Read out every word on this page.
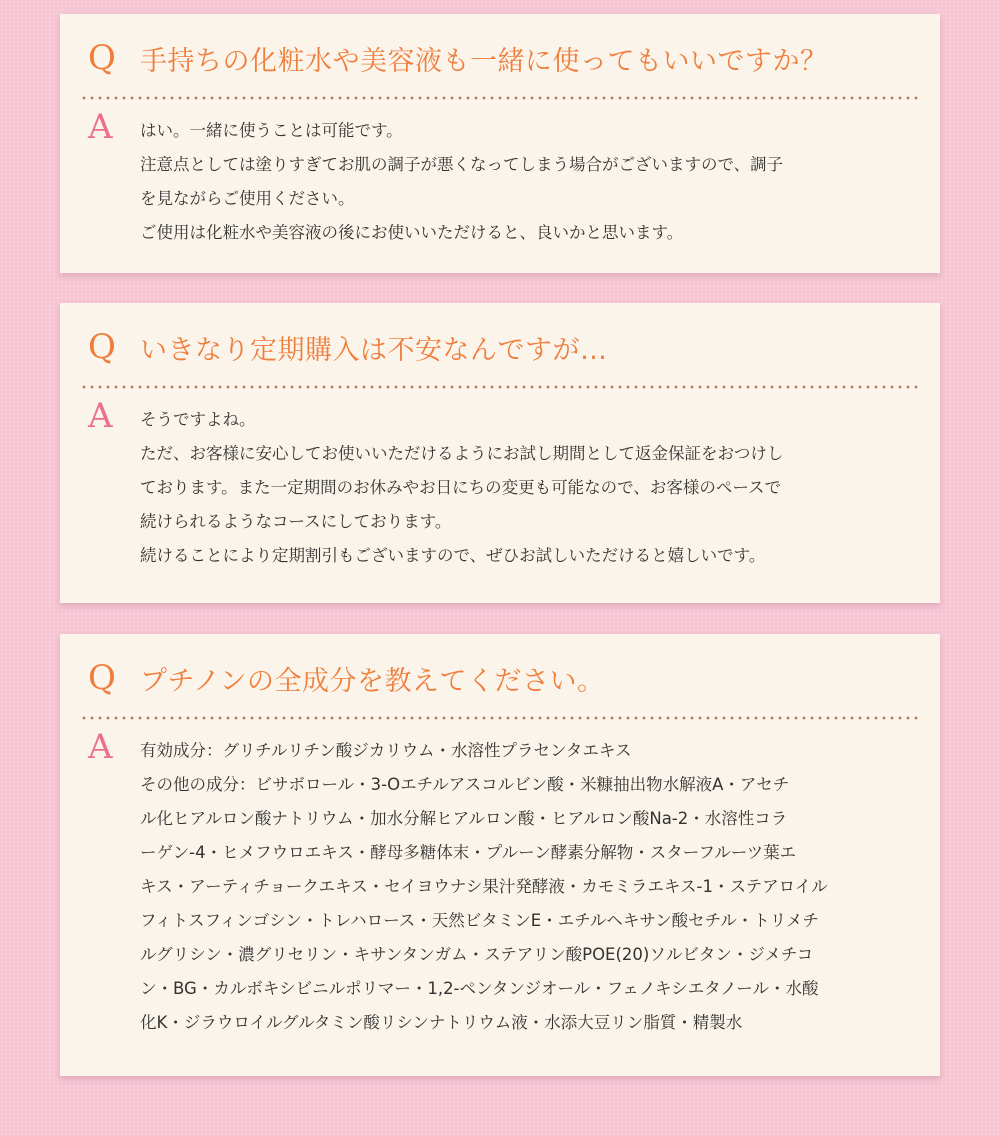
Q 手持ちの化粧水や美容液も一緒に使ってもいいですか？
A	はい。一緒に使うことは可能です。
注意点としては塗りすぎてお肌の調子が悪くなってしまう場合がございますので、調子
を見ながらご使用ください。
ご使用は化粧水や美容液の後にお使いいただけると、良いかと思います。
Q いきなり定期購入は不安なんですが…
A	そうですよね。
ただ、お客様に安心してお使いいただけるようにお試し期間として返金保証をおつけし
ております。また一定期間のお休みやお日にちの変更も可能なので、お客様のペースで
続けられるようなコースにしております。
続けることにより定期割引もございますので、ぜひお試しいただけると嬉しいです。
Q プチノンの全成分を教えてください。
A	有効成分：グリチルリチン酸ジカリウム・水溶性プラセンタエキス
その他の成分：ビサボロール・3-Oエチルアスコルビン酸・米糠抽出物水解液A・アセチ
ル化ヒアルロン酸ナトリウム・加水分解ヒアルロン酸・ヒアルロン酸Na-2・水溶性コラ
ーゲン-4・ヒメフウロエキス・酵母多糖体末・プルーン酵素分解物・スターフルーツ葉エ
キス・アーティチョークエキス・セイヨウナシ果汁発酵液・カモミラエキス-1・ステアロイル
フィトスフィンゴシン・トレハロース・天然ビタミンE・エチルヘキサン酸セチル・トリメチ
ルグリシン・濃グリセリン・キサンタンガム・ステアリン酸POE(20)ソルビタン・ジメチコ
ン・BG・カルボキシビニルポリマー・1,2-ペンタンジオール・フェノキシエタノール・水酸
化K・ジラウロイルグルタミン酸リシンナトリウム液・水添大豆リン脂質・精製水
